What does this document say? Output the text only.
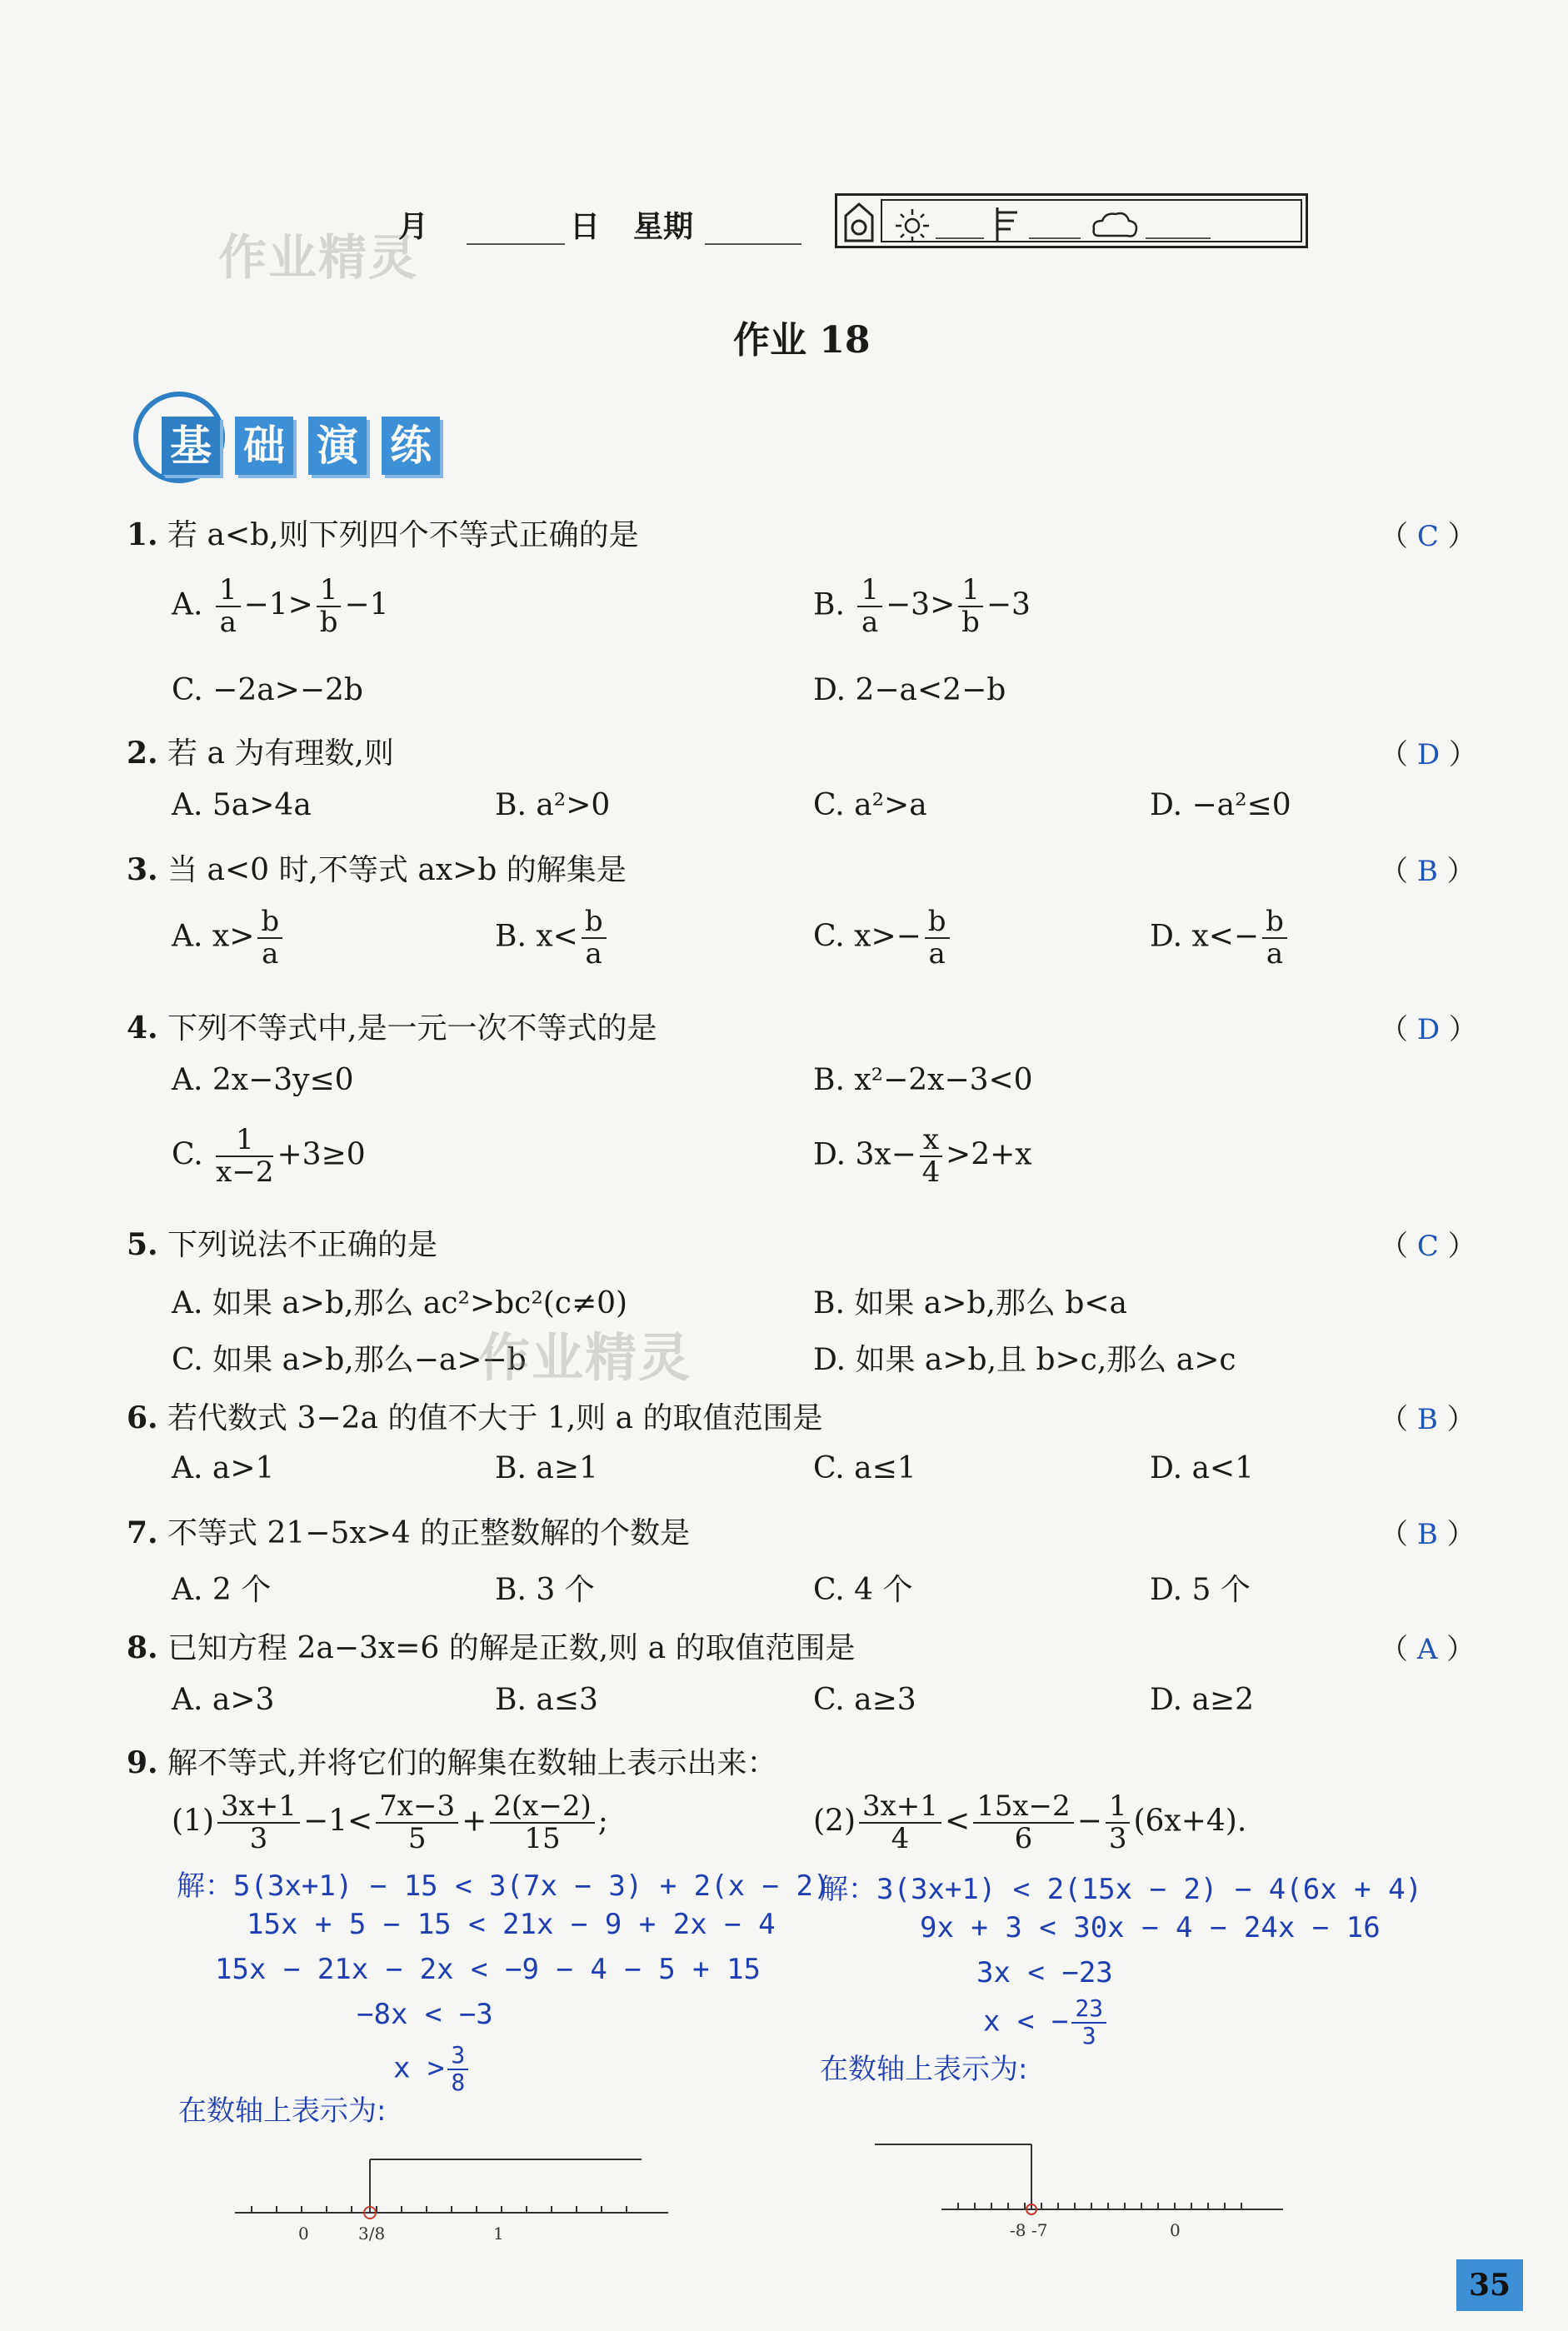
作业精灵
月	日 星期
作业 18
基 础 演 练
1. 若 a<b,则下列四个不等式正确的是	（ C ）
A. $\frac{1}{a} -1> \frac{1}{b} -1$	B. $\frac{1}{a} -3> \frac{1}{b} -3$
C. −2a>−2b	D. 2−a<2−b
2. 若 a 为有理数,则	（ D ）
A. 5a>4a	B. a²>0	C. a²>a	D. −a²≤0
3. 当 a<0 时,不等式 ax>b 的解集是	（ B ）
A. $x> \frac{b}{a}$	B. $x< \frac{b}{a}$	C. $x>- \frac{b}{a}$	D. $x<- \frac{b}{a}$
4. 下列不等式中,是一元一次不等式的是	（ D ）
A. 2x−3y≤0	B. x²−2x−3<0
C. $\frac{1}{x-2} +3\ge 0$	D. $3x- \frac{x}{4} >2+x$
5. 下列说法不正确的是	（ C ）
A. 如果 a>b,那么 ac²>bc²(c≠0)	B. 如果 a>b,那么 b<a
C. 如果 a>b,那么−a>−b
作业精灵	D. 如果 a>b,且 b>c,那么 a>c
6. 若代数式 3−2a 的值不大于 1,则 a 的取值范围是	（ B ）
A. a>1	B. a≥1	C. a≤1	D. a<1
7. 不等式 21−5x>4 的正整数解的个数是	（ B ）
A. 2 个	B. 3 个	C. 4 个	D. 5 个
8. 已知方程 2a−3x=6 的解是正数,则 a 的取值范围是	（ A ）
A. a>3	B. a≤3	C. a≥3	D. a≥2
9. 解不等式,并将它们的解集在数轴上表示出来：
$(1) \frac{3x+1}{3} -1< \frac{7x-3}{5} + \frac{2(x-2)}{15}$ ;	$(2) \frac{3x+1}{4} < \frac{15x-2}{6} - \frac{1}{3} (6x+4)$.
解：5(3x+1) − 15 < 3(7x − 3) + 2(x − 2)
15x + 5 − 15 < 21x − 9 + 2x − 4
15x − 21x − 2x < −9 − 4 − 5 + 15
−8x < −3
$x > \frac{3}{8}$
解：3(3x+1) < 2(15x − 2) − 4(6x + 4)
9x + 3 < 30x − 4 − 24x − 16
3x < −23
x < − $\frac{23}{3}$
在数轴上表示为:
在数轴上表示为:
0	3/8	1	-8 -7	0
35
